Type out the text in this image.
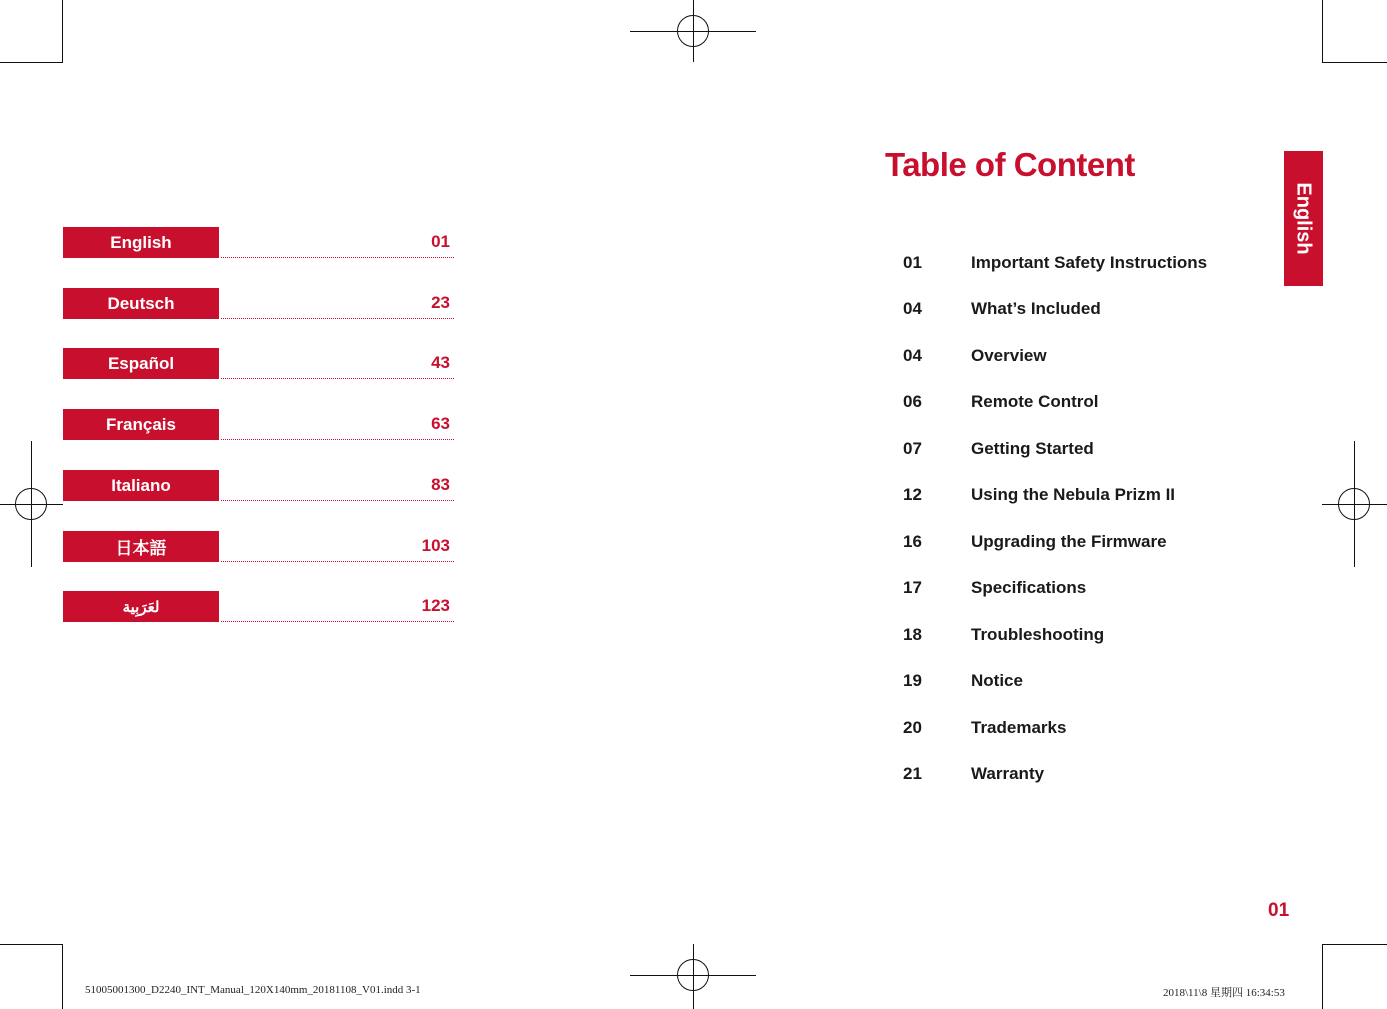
English	01
Deutsch	23
Español	43
Français	63
Italiano	83
日本語	103
لعَرَبِية	123
Table of Content
01	Important Safety Instructions
04	What’s Included
04	Overview
06	Remote Control
07	Getting Started
12	Using the Nebula Prizm II
16	Upgrading the Firmware
17	Specifications
18	Troubleshooting
19	Notice
20	Trademarks
21	Warranty
English
01
51005001300_D2240_INT_Manual_120X140mm_20181108_V01.indd 3-1	2018\11\8 星期四 16:34:53
